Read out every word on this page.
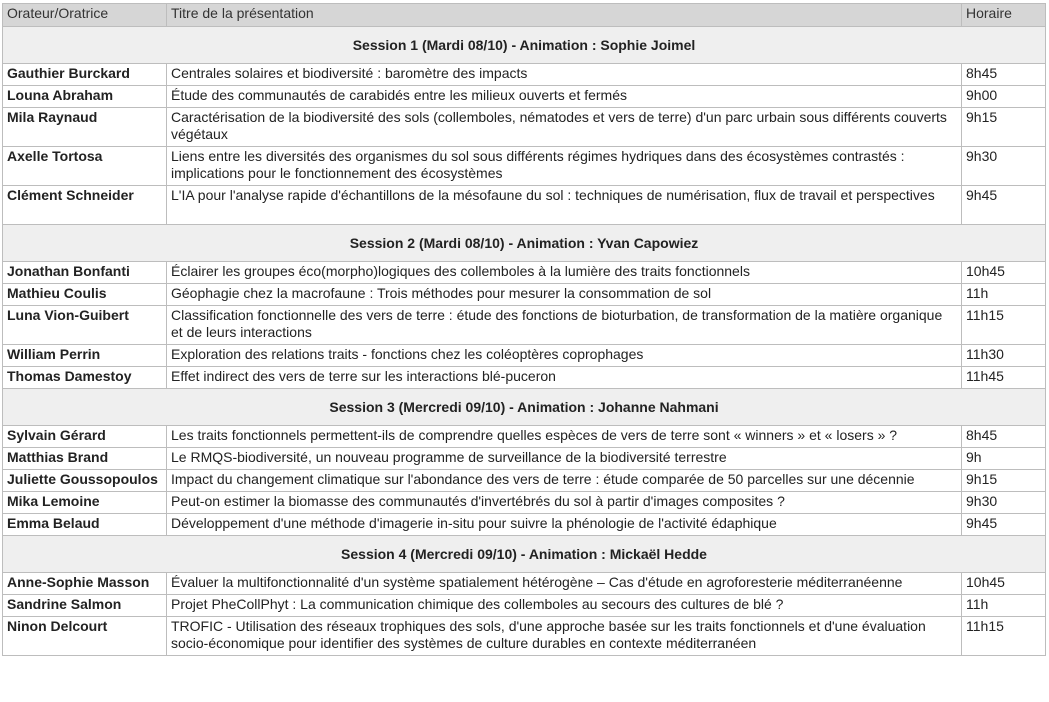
Orateur/Oratrice	Titre de la présentation	Horaire
Session 1 (Mardi 08/10) - Animation : Sophie Joimel		
Gauthier Burckard	Centrales solaires et biodiversité : baromètre des impacts	8h45
Louna Abraham	Étude des communautés de carabidés entre les milieux ouverts et fermés	9h00
Mila Raynaud	Caractérisation de la biodiversité des sols (collemboles, nématodes et vers de terre) d'un parc urbain sous différents couverts végétaux	9h15
Axelle Tortosa	Liens entre les diversités des organismes du sol sous différents régimes hydriques dans des écosystèmes contrastés : implications pour le fonctionnement des écosystèmes	9h30
Clément Schneider	L'IA pour l'analyse rapide d'échantillons de la mésofaune du sol : techniques de numérisation, flux de travail et perspectives	9h45
Session 2 (Mardi 08/10) - Animation : Yvan Capowiez		
Jonathan Bonfanti	Éclairer les groupes éco(morpho)logiques des collemboles à la lumière des traits fonctionnels	10h45
Mathieu Coulis	Géophagie chez la macrofaune : Trois méthodes pour mesurer la consommation de sol	11h
Luna Vion-Guibert	Classification fonctionnelle des vers de terre : étude des fonctions de bioturbation, de transformation de la matière organique et de leurs interactions	11h15
William Perrin	Exploration des relations traits - fonctions chez les coléoptères coprophages	11h30
Thomas Damestoy	Effet indirect des vers de terre sur les interactions blé-puceron	11h45
Session 3 (Mercredi 09/10) - Animation : Johanne Nahmani		
Sylvain Gérard	Les traits fonctionnels permettent-ils de comprendre quelles espèces de vers de terre sont « winners » et « losers » ?	8h45
Matthias Brand	Le RMQS-biodiversité, un nouveau programme de surveillance de la biodiversité terrestre	9h
Juliette Goussopoulos	Impact du changement climatique sur l'abondance des vers de terre : étude comparée de 50 parcelles sur une décennie	9h15
Mika Lemoine	Peut-on estimer la biomasse des communautés d'invertébrés du sol à partir d'images composites ?	9h30
Emma Belaud	Développement d'une méthode d'imagerie in-situ pour suivre la phénologie de l'activité édaphique	9h45
Session 4 (Mercredi 09/10) - Animation : Mickaël Hedde		
Anne-Sophie Masson	Évaluer la multifonctionnalité d'un système spatialement hétérogène – Cas d'étude en agroforesterie méditerranéenne	10h45
Sandrine Salmon	Projet PheCollPhyt : La communication chimique des collemboles au secours des cultures de blé ?	11h
Ninon Delcourt	TROFIC - Utilisation des réseaux trophiques des sols, d'une approche basée sur les traits fonctionnels et d'une évaluation socio-économique pour identifier des systèmes de culture durables en contexte méditerranéen	11h15
